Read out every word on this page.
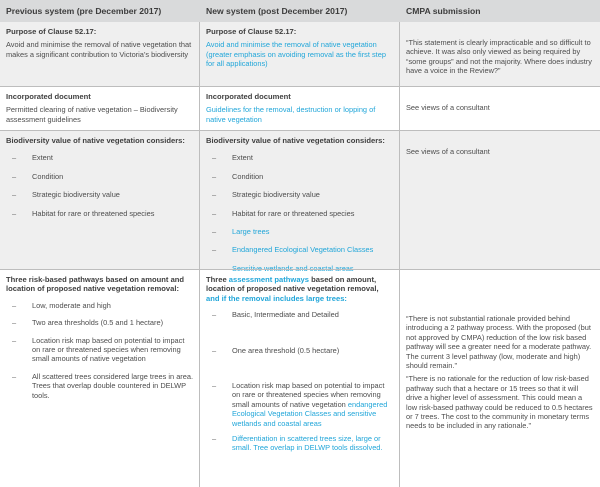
Previous system (pre December 2017)	New system (post December 2017)	CMPA submission
Purpose of Clause 52.17:
Avoid and minimise the removal of native vegetation that makes a significant contribution to Victoria’s biodiversity
Purpose of Clause 52.17:
Avoid and minimise the removal of native vegetation (greater emphasis on avoiding removal as the first step for all applications)
“This statement is clearly impracticable and so difficult to achieve. It was also only viewed as being required by “some groups” and not the majority. Where does industry have a voice in the Review?”
Incorporated document
Permitted clearing of native vegetation – Biodiversity assessment guidelines
Incorporated document
Guidelines for the removal, destruction or lopping of native vegetation
See views of a consultant
Biodiversity value of native vegetation considers:
– Extent
– Condition
– Strategic biodiversity value
– Habitat for rare or threatened species
Biodiversity value of native vegetation considers:
– Extent
– Condition
– Strategic biodiversity value
– Habitat for rare or threatened species
– Large trees
– Endangered Ecological Vegetation Classes
–
See views of a consultant
Three risk-based pathways based on amount and location of proposed native vegetation removal:
– Low, moderate and high
– Two area thresholds (0.5 and 1 hectare)
– Location risk map based on potential to impact on rare or threatened species when removing small amounts of native vegetation
– All scattered trees considered large trees in area. Trees that overlap double countered in DELWP tools.
Three assessment pathways based on amount, location of proposed native vegetation removal, and if the removal includes large trees:
– Basic, Intermediate and Detailed
– One area threshold (0.5 hectare)
– Location risk map based on potential to impact on rare or threatened species when removing small amounts of native vegetation endangered Ecological Vegetation Classes and sensitive wetlands and coastal areas
– Differentiation in scattered trees size, large or small. Tree overlap in DELWP tools dissolved.
“There is not substantial rationale provided behind introducing a 2 pathway process. With the proposed (but not approved by CMPA) reduction of the low risk based pathway will see a greater need for a moderate pathway. The current 3 level pathway (low, moderate and high) should remain.”
“There is no rationale for the reduction of low risk-based pathway such that a hectare or 15 trees so that it will drive a higher level of assessment. This could mean a low risk-based pathway could be reduced to 0.5 hectares or 7 trees. The cost to the community in monetary terms needs to be included in any rationale.”
